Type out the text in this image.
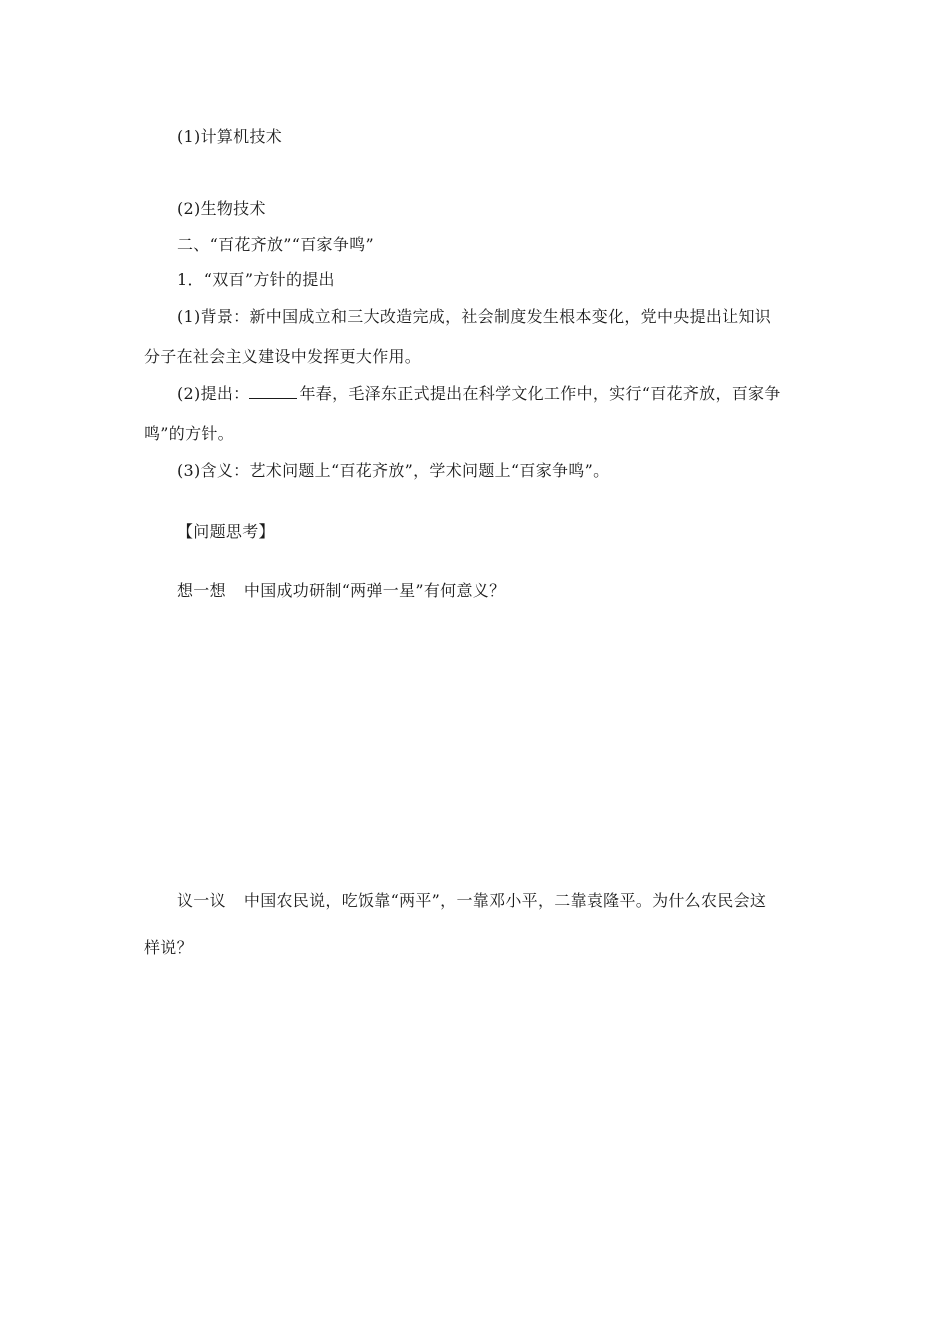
(1)计算机技术
(2)生物技术
二、“百花齐放”“百家争鸣”
1．“双百”方针的提出
(1)背景：新中国成立和三大改造完成，社会制度发生根本变化，党中央提出让知识
分子在社会主义建设中发挥更大作用。
(2)提出：	年春，毛泽东正式提出在科学文化工作中，实行“百花齐放，百家争
鸣”的方针。
(3)含义：艺术问题上“百花齐放”，学术问题上“百家争鸣”。
【问题思考】
想一想 中国成功研制“两弹一星”有何意义？
议一议 中国农民说，吃饭靠“两平”，一靠邓小平，二靠袁隆平。为什么农民会这
样说？
